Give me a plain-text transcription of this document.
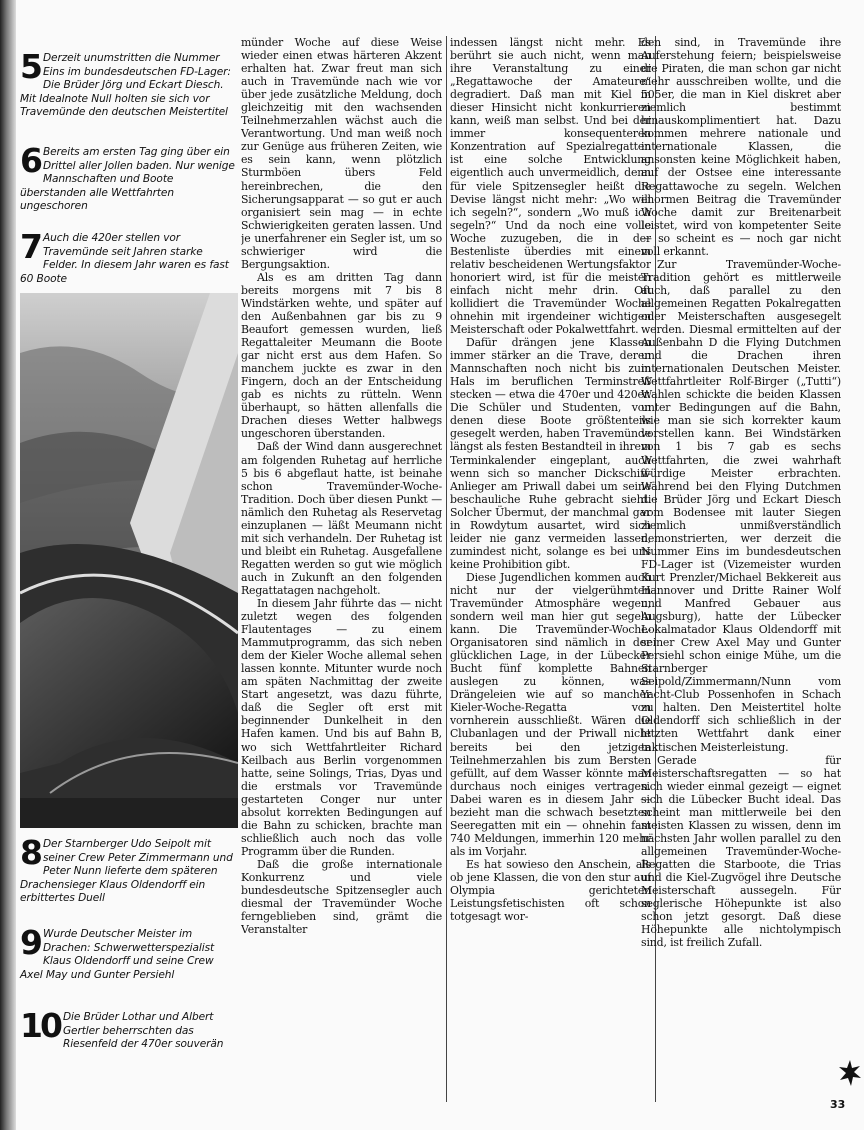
5 Derzeit unumstritten die Nummer Eins im bundesdeutschen FD-Lager: Die Brüder Jörg und Eckart Diesch. Mit Idealnote Null holten sie sich vor Travemünde den deutschen Meistertitel
6 Bereits am ersten Tag ging über ein Drittel aller Jollen baden. Nur wenige Mannschaften und Boote überstanden alle Wettfahrten ungeschoren
7 Auch die 420er stellen vor Travemünde seit Jahren starke Felder. In diesem Jahr waren es fast 60 Boote
8 Der Starnberger Udo Seipolt mit seiner Crew Peter Zimmermann und Peter Nunn lieferte dem späteren Drachensieger Klaus Oldendorff ein erbittertes Duell
9 Wurde Deutscher Meister im Drachen: Schwerwetterspezialist Klaus Oldendorff und seine Crew Axel May und Gunter Persiehl
10 Die Brüder Lothar und Albert Gertler beherrschten das Riesenfeld der 470er souverän

münder Woche auf diese Weise wieder einen etwas härteren Akzent erhalten hat. Zwar freut man sich auch in Travemünde nach wie vor über jede zusätzliche Meldung, doch gleichzeitig mit den wachsenden Teilnehmerzahlen wächst auch die Verantwortung. Und man weiß noch zur Genüge aus früheren Zeiten, wie es sein kann, wenn plötzlich Sturmböen übers Feld hereinbrechen, die den Sicherungsapparat — so gut er auch organisiert sein mag — in echte Schwierigkeiten geraten lassen. Und je unerfahrener ein Segler ist, um so schwieriger wird die Bergungsaktion.

Als es am dritten Tag dann bereits morgens mit 7 bis 8 Windstärken wehte, und später auf den Außenbahnen gar bis zu 9 Beaufort gemessen wurden, ließ Regattaleiter Meumann die Boote gar nicht erst aus dem Hafen. So manchem juckte es zwar in den Fingern, doch an der Entscheidung gab es nichts zu rütteln. Wenn überhaupt, so hätten allenfalls die Drachen dieses Wetter halbwegs ungeschoren überstanden.

Daß der Wind dann ausgerechnet am folgenden Ruhetag auf herrliche 5 bis 6 abgeflaut hatte, ist beinahe schon Travemünder-Woche-Tradition. Doch über diesen Punkt — nämlich den Ruhetag als Reservetag einzuplanen — läßt Meumann nicht mit sich verhandeln. Der Ruhetag ist und bleibt ein Ruhetag. Ausgefallene Regatten werden so gut wie möglich auch in Zukunft an den folgenden Regattatagen nachgeholt.

In diesem Jahr führte das — nicht zuletzt wegen des folgenden Flautentages — zu einem Mammutprogramm, das sich neben dem der Kieler Woche allemal sehen lassen konnte. Mitunter wurde noch am späten Nachmittag der zweite Start angesetzt, was dazu führte, daß die Segler oft erst mit beginnender Dunkelheit in den Hafen kamen. Und bis auf Bahn B, wo sich Wettfahrtleiter Richard Keilbach aus Berlin vorgenommen hatte, seine Solings, Trias, Dyas und die erstmals vor Travemünde gestarteten Conger nur unter absolut korrekten Bedingungen auf die Bahn zu schicken, brachte man schließlich auch noch das volle Programm über die Runden.

Daß die große internationale Konkurrenz und viele bundesdeutsche Spitzensegler auch diesmal der Travemünder Woche ferngeblieben sind, grämt die Veranstalter

indessen längst nicht mehr. Es berührt sie auch nicht, wenn man ihre Veranstaltung zu einer „Regattawoche der Amateure“ degradiert. Daß man mit Kiel in dieser Hinsicht nicht konkurrieren kann, weiß man selbst. Und bei der immer konsequenteren Konzentration auf Spezialregatten ist eine solche Entwicklung eigentlich auch unvermeidlich, denn für viele Spitzensegler heißt die Devise längst nicht mehr: „Wo will ich segeln?“, sondern „Wo muß ich segeln?“ Und da noch eine volle Woche zuzugeben, die in der Bestenliste überdies mit einem relativ bescheidenen Wertungsfaktor honoriert wird, ist für die meisten einfach nicht mehr drin. Oft kollidiert die Travemünder Woche ohnehin mit irgendeiner wichtigen Meisterschaft oder Pokalwettfahrt.

Dafür drängen jene Klassen immer stärker an die Trave, deren Mannschaften noch nicht bis zum Hals im beruflichen Terminstreß stecken — etwa die 470er und 420er. Die Schüler und Studenten, von denen diese Boote größtenteils gesegelt werden, haben Travemünde längst als festen Bestandteil in ihrem Terminkalender eingeplant, auch wenn sich so mancher Dickschiff-Anlieger am Priwall dabei um seine beschauliche Ruhe gebracht sieht. Solcher Übermut, der manchmal gar in Rowdytum ausartet, wird sich leider nie ganz vermeiden lassen, zumindest nicht, solange es bei uns keine Prohibition gibt.

Diese Jugendlichen kommen auch nicht nur der vielgerühmten Travemünder Atmosphäre wegen, sondern weil man hier gut segeln kann. Die Travemünder-Woche-Organisatoren sind nämlich in der glücklichen Lage, in der Lübecker Bucht fünf komplette Bahnen auslegen zu können, was Drängeleien wie auf so mancher Kieler-Woche-Regatta von vornherein ausschließt. Wären die Clubanlagen und der Priwall nicht bereits bei den jetzigen Teilnehmerzahlen bis zum Bersten gefüllt, auf dem Wasser könnte man durchaus noch einiges vertragen. Dabei waren es in diesem Jahr — bezieht man die schwach besetzten Seeregatten mit ein — ohnehin fast 740 Meldungen, immerhin 120 mehr als im Vorjahr.

Es hat sowieso den Anschein, als ob jene Klassen, die von den stur auf Olympia gerichteten Leistungsfetischisten oft schon totgesagt wor-

den sind, in Travemünde ihre Auferstehung feiern; beispielsweise die Piraten, die man schon gar nicht mehr ausschreiben wollte, und die 505er, die man in Kiel diskret aber ziemlich bestimmt hinauskomplimentiert hat. Dazu kommen mehrere nationale und internationale Klassen, die ansonsten keine Möglichkeit haben, auf der Ostsee eine interessante Regattawoche zu segeln. Welchen enormen Beitrag die Travemünder Woche damit zur Breitenarbeit leistet, wird von kompetenter Seite — so scheint es — noch gar nicht voll erkannt.

Zur Travemünder-Woche-Tradition gehört es mittlerweile auch, daß parallel zu den allgemeinen Regatten Pokalregatten oder Meisterschaften ausgesegelt werden. Diesmal ermittelten auf der Außenbahn D die Flying Dutchmen und die Drachen ihren internationalen Deutschen Meister. Wettfahrtleiter Rolf-Birger („Tutti“) Wahlen schickte die beiden Klassen unter Bedingungen auf die Bahn, wie man sie sich korrekter kaum vorstellen kann. Bei Windstärken von 1 bis 7 gab es sechs Wettfahrten, die zwei wahrhaft würdige Meister erbrachten. Während bei den Flying Dutchmen die Brüder Jörg und Eckart Diesch vom Bodensee mit lauter Siegen ziemlich unmißverständlich demonstrierten, wer derzeit die Nummer Eins im bundesdeutschen FD-Lager ist (Vizemeister wurden Kurt Prenzler/Michael Bekkereit aus Hannover und Dritte Rainer Wolf und Manfred Gebauer aus Augsburg), hatte der Lübecker Lokalmatador Klaus Oldendorff mit seiner Crew Axel May und Gunter Persiehl schon einige Mühe, um die Starnberger Seipold/Zimmermann/Nunn vom Yacht-Club Possenhofen in Schach zu halten. Den Meistertitel holte Oldendorff sich schließlich in der letzten Wettfahrt dank einer taktischen Meisterleistung.

Gerade für Meisterschaftsregatten — so hat sich wieder einmal gezeigt — eignet sich die Lübecker Bucht ideal. Das scheint man mittlerweile bei den meisten Klassen zu wissen, denn im nächsten Jahr wollen parallel zu den allgemeinen Travemünder-Woche-Regatten die Starboote, die Trias und die Kiel-Zugvögel ihre Deutsche Meisterschaft aussegeln. Für seglerische Höhepunkte ist also schon jetzt gesorgt. Daß diese Höhepunkte alle nichtolympisch sind, ist freilich Zufall.

33
